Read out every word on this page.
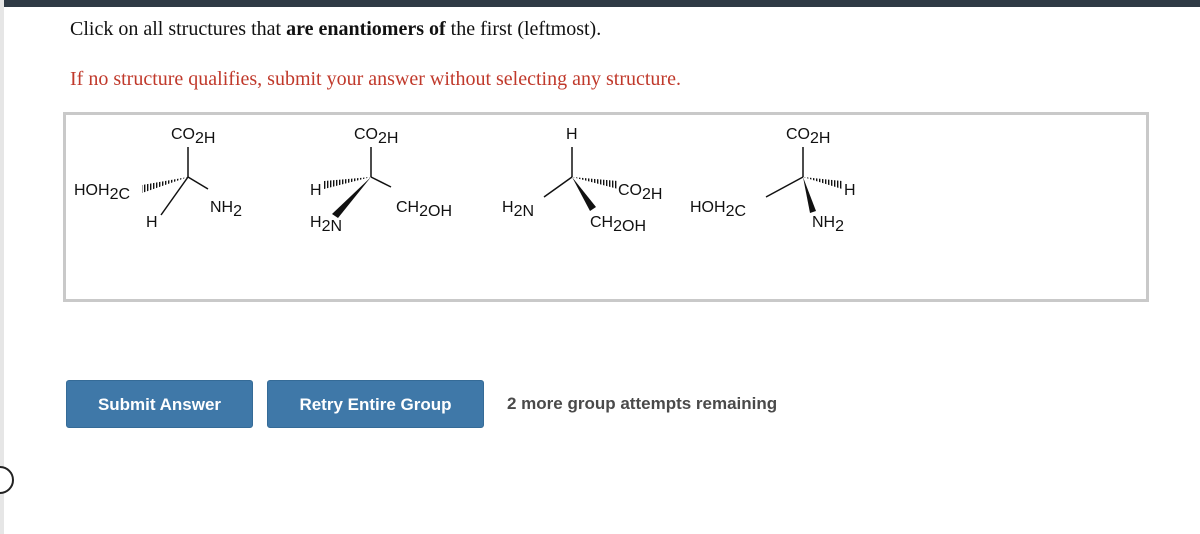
Click on all structures that are enantiomers of the first (leftmost).
If no structure qualifies, submit your answer without selecting any structure.
CO2H
HOH2C
NH2
H
CO2H
H
H2N
CH2OH
H
H2N
CO2H
CH2OH
CO2H
HOH2C
H
NH2
Submit Answer	Retry Entire Group	2 more group attempts remaining
